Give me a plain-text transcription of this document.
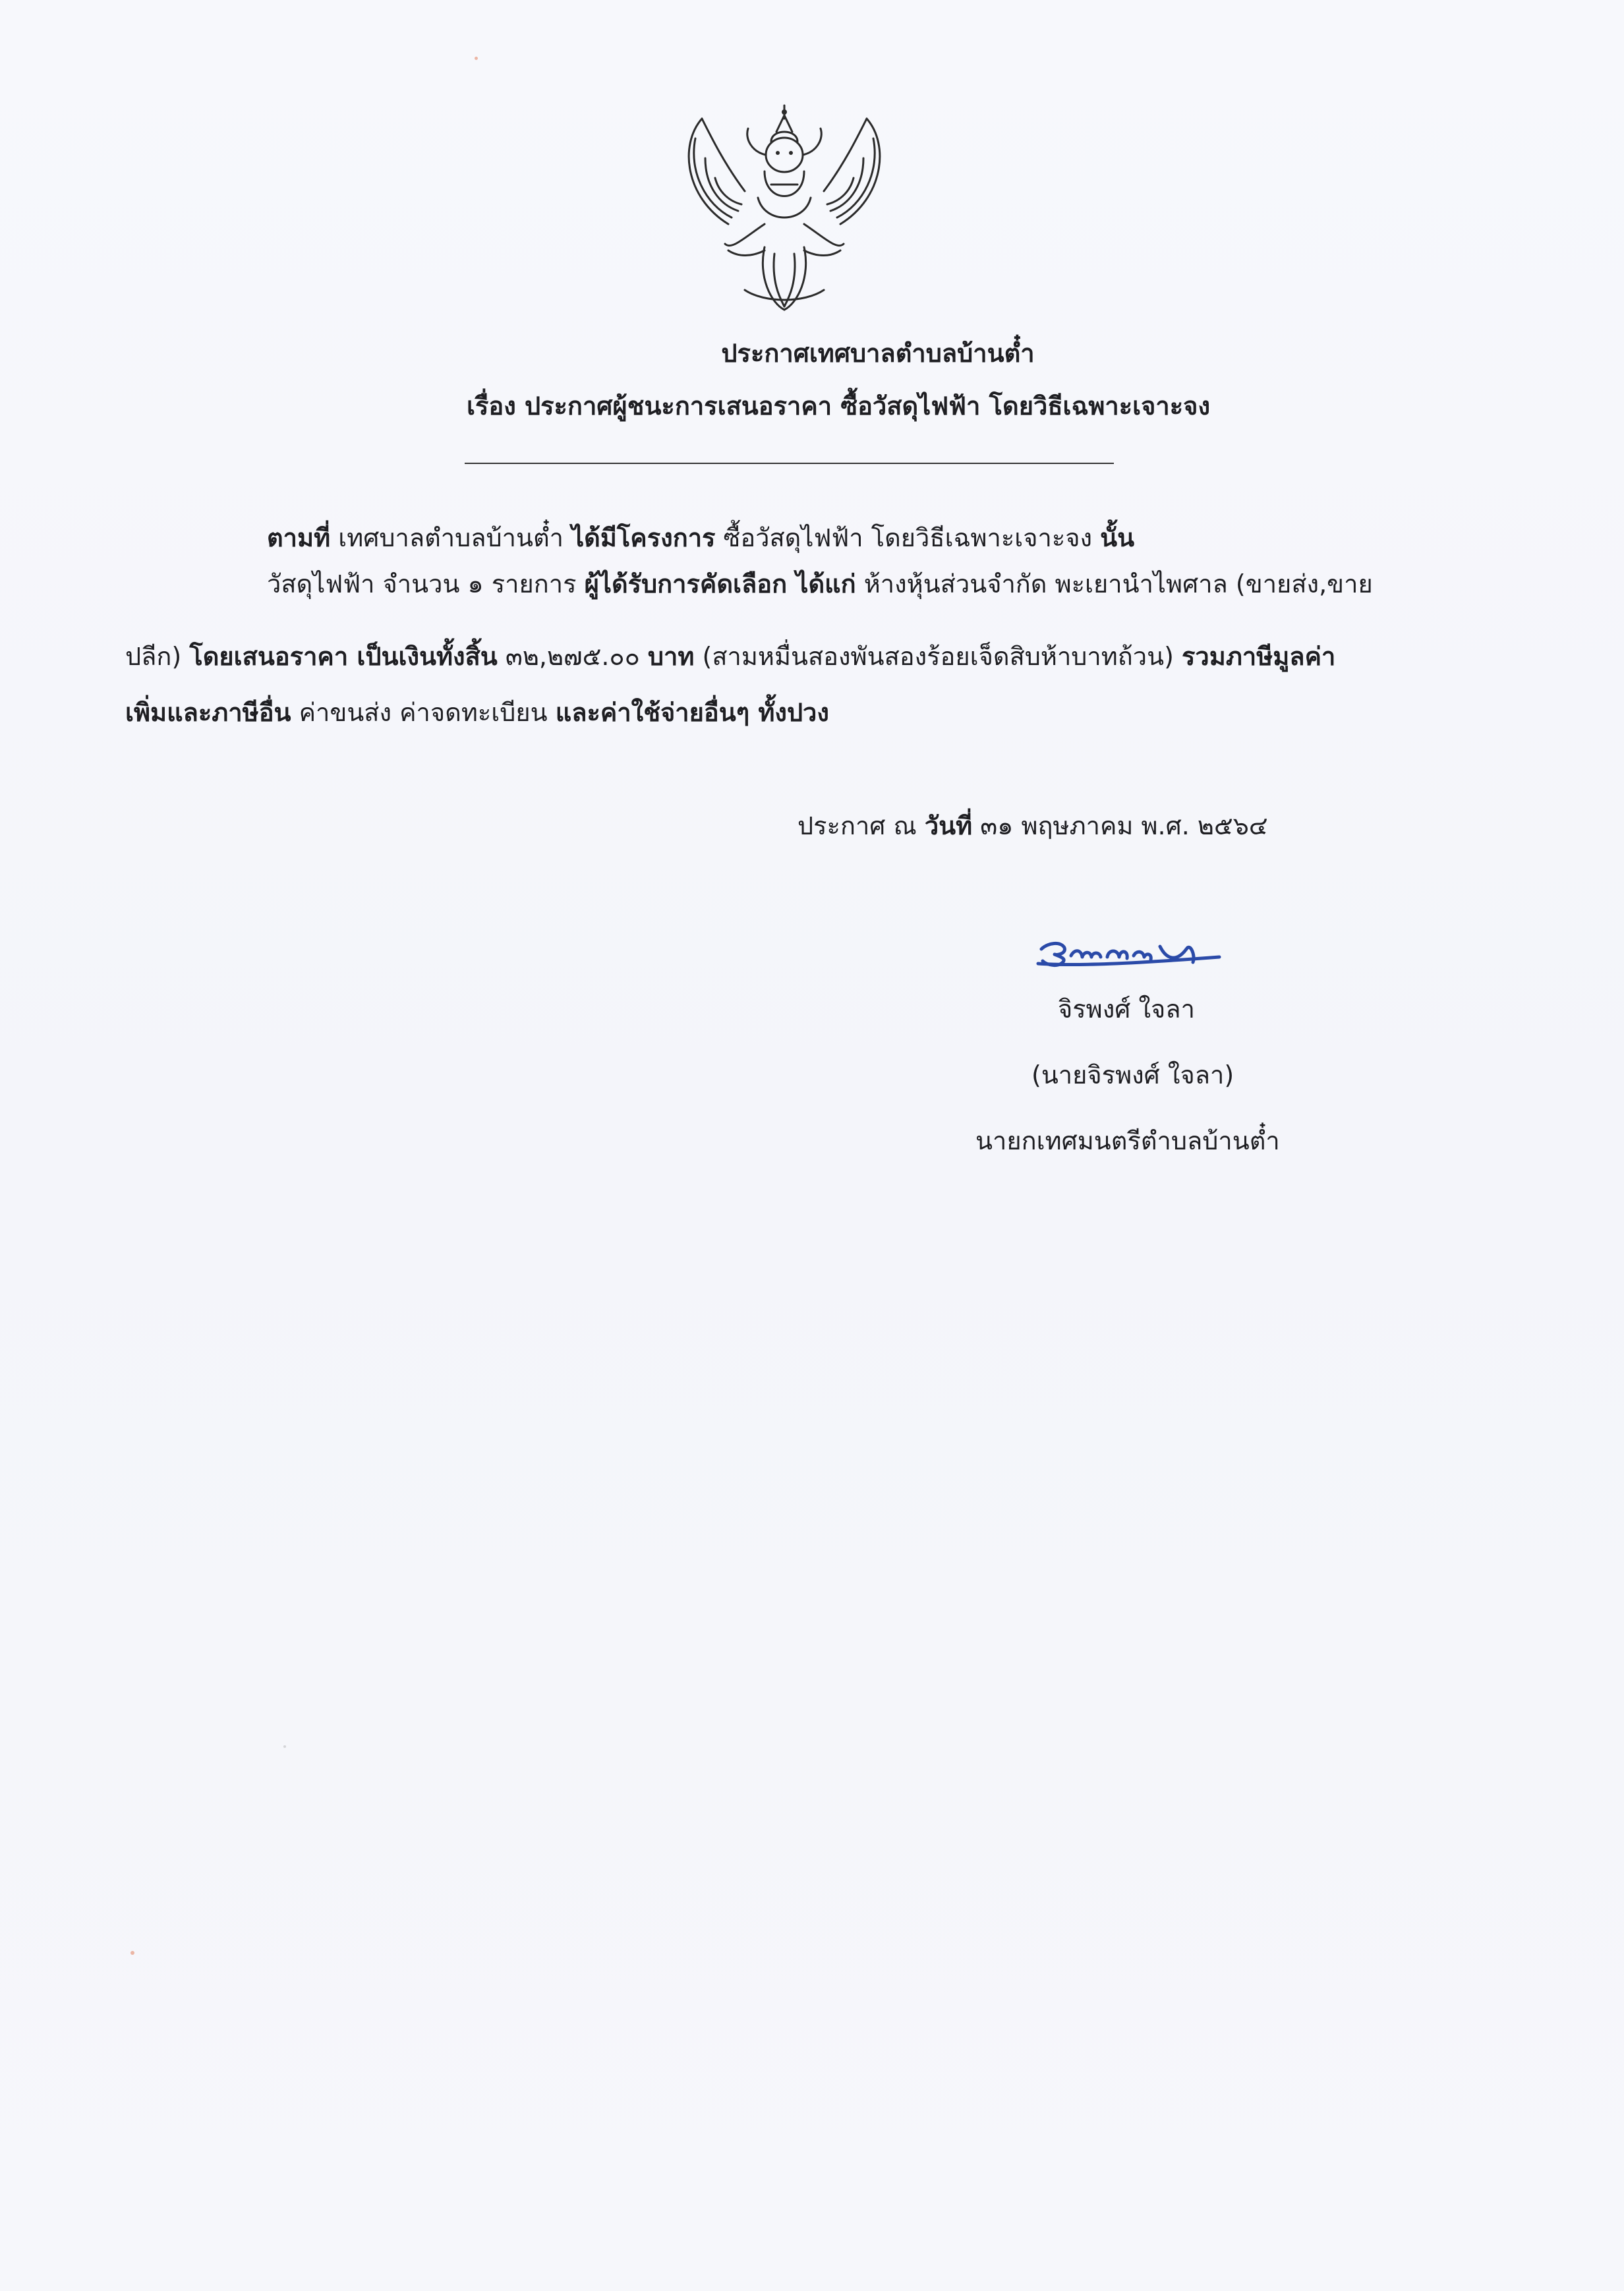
ประกาศเทศบาลตำบลบ้านต๋ำ
เรื่อง ประกาศผู้ชนะการเสนอราคา ซื้อวัสดุไฟฟ้า โดยวิธีเฉพาะเจาะจง
ตามที่ เทศบาลตำบลบ้านต๋ำ ได้มีโครงการ ซื้อวัสดุไฟฟ้า โดยวิธีเฉพาะเจาะจง นั้น
วัสดุไฟฟ้า จำนวน ๑ รายการ ผู้ได้รับการคัดเลือก ได้แก่ ห้างหุ้นส่วนจำกัด พะเยานำไพศาล (ขายส่ง,ขาย
ปลีก) โดยเสนอราคา เป็นเงินทั้งสิ้น ๓๒,๒๗๕.๐๐ บาท (สามหมื่นสองพันสองร้อยเจ็ดสิบห้าบาทถ้วน) รวมภาษีมูลค่า
เพิ่มและภาษีอื่น ค่าขนส่ง ค่าจดทะเบียน และค่าใช้จ่ายอื่นๆ ทั้งปวง
ประกาศ ณ วันที่ ๓๑ พฤษภาคม พ.ศ. ๒๕๖๔
จิรพงศ์ ใจลา
(นายจิรพงศ์ ใจลา)
นายกเทศมนตรีตำบลบ้านต๋ำ
